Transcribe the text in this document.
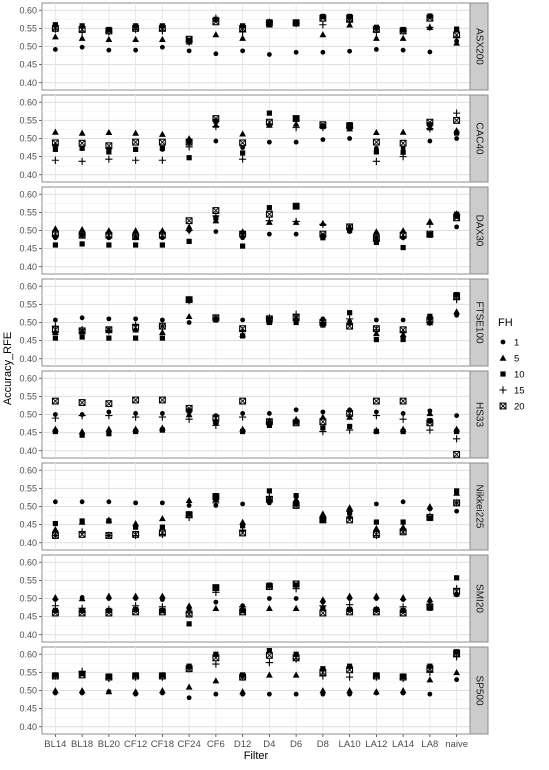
0.40
0.45
0.50
0.55
0.60
ASX200
0.40
0.45
0.50
0.55
0.60
CAC40
0.40
0.45
0.50
0.55
0.60
DAX30
0.40
0.45
0.50
0.55
0.60
FTSE100
0.40
0.45
0.50
0.55
0.60
HS33
0.40
0.45
0.50
0.55
0.60
Nikkei225
0.40
0.45
0.50
0.55
0.60
SMI20
0.40
0.45
0.50
0.55
0.60
SP500
BL14 BL18 BL20 CF12 CF18 CF24 CF6 D12 D4 D6 D8 LA10 LA12 LA14 LA8 naive
Filter
Accuracy_RFE
FH
1
5
10
15
20
